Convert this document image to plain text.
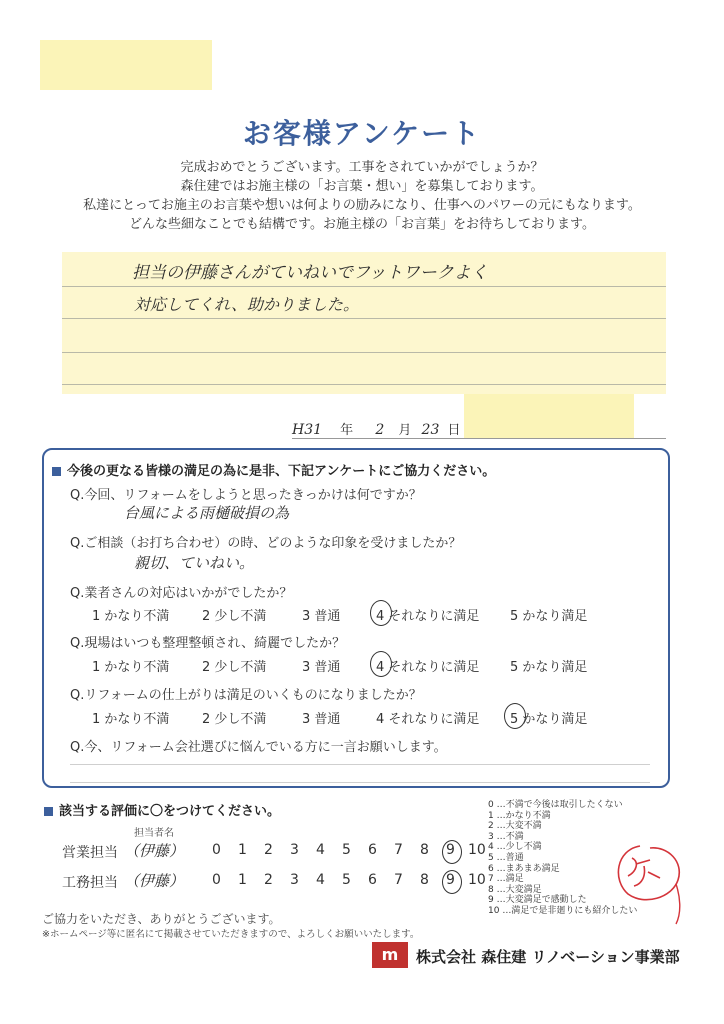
お客様アンケート
完成おめでとうございます。工事をされていかがでしょうか？
森住建ではお施主様の「お言葉・想い」を募集しております。
私達にとってお施主のお言葉や想いは何よりの励みになり、仕事へのパワーの元にもなります。
どんな些細なことでも結構です。お施主様の「お言葉」をお待ちしております。
担当の伊藤さんがていねいでフットワークよく
対応してくれ、助かりました。
H31 年 2 月 23 日
今後の更なる皆様の満足の為に是非、下記アンケートにご協力ください。
Q.今回、リフォームをしようと思ったきっかけは何ですか？
台風による雨樋破損の為
Q.ご相談（お打ち合わせ）の時、どのような印象を受けましたか？
親切、ていねい。
Q.業者さんの対応はいかがでしたか？
1 かなり不満	2 少し不満	3 普通	4 それなりに満足 5 かなり満足
Q.現場はいつも整理整頓され、綺麗でしたか？
1 かなり不満	2 少し不満	3 普通	4 それなりに満足 5 かなり満足
Q.リフォームの仕上がりは満足のいくものになりましたか？
1 かなり不満	2 少し不満	3 普通	4 それなりに満足 5 かなり満足
Q.今、リフォーム会社選びに悩んでいる方に一言お願いします。
該当する評価に〇をつけてください。
担当者名
営業担当 （伊藤） 0 1 2 3 4 5 6 7 8 9 10
工務担当 （伊藤） 0 1 2 3 4 5 6 7 8 9 10
0 …不満で今後は取引したくない
1 …かなり不満
2 …大変不満
3 …不満
4 …少し不満
5 …普通
6 …まあまあ満足
7 …満足
8 …大変満足
9 …大変満足で感動した
10 …満足で是非廻りにも紹介したい
ご協力をいただき、ありがとうございます。
※ホームページ等に匿名にて掲載させていただきますので、よろしくお願いいたします。
m	株式会社 森住建 リノベーション事業部
